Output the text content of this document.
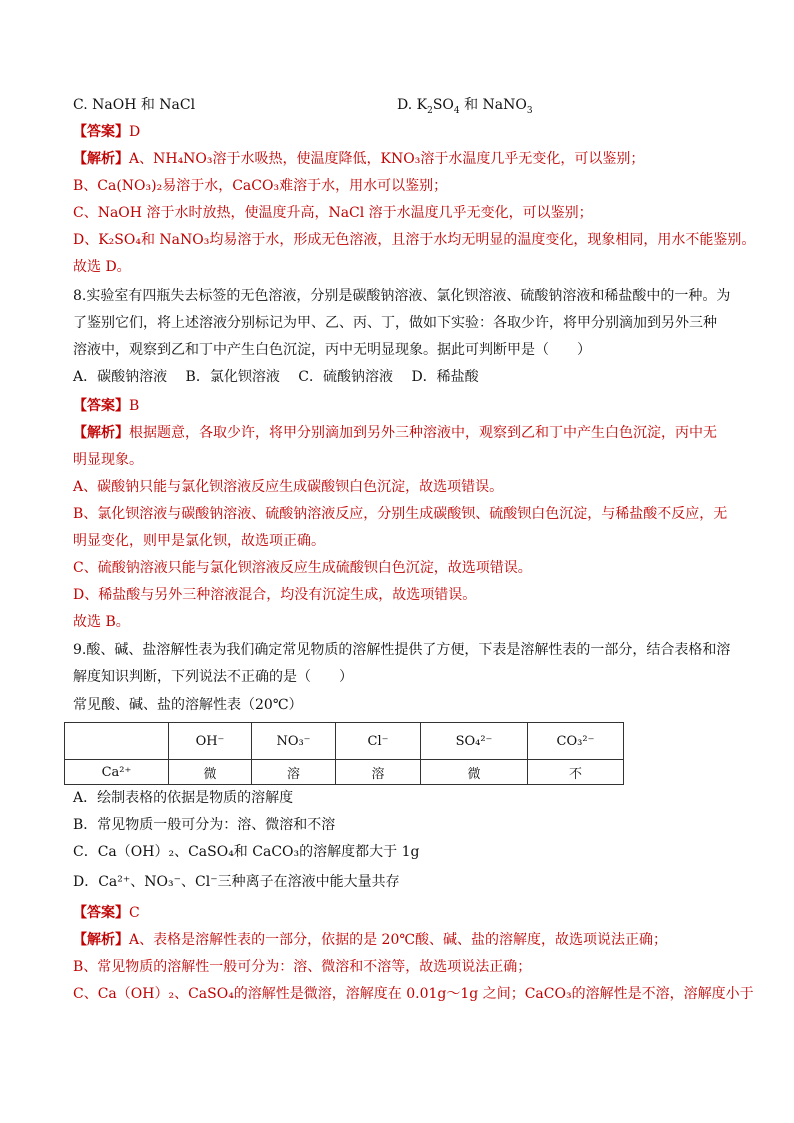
C. NaOH 和 NaCl	D. $K_2SO_4$ 和 NaNO$_3$
【答案】D
【解析】A、NH₄NO₃溶于水吸热，使温度降低，KNO₃溶于水温度几乎无变化，可以鉴别；
B、Ca(NO₃)₂易溶于水，CaCO₃难溶于水，用水可以鉴别；
C、NaOH 溶于水时放热，使温度升高，NaCl 溶于水温度几乎无变化，可以鉴别；
D、K₂SO₄和 NaNO₃均易溶于水，形成无色溶液，且溶于水均无明显的温度变化，现象相同，用水不能鉴别。
故选 D。
8.实验室有四瓶失去标签的无色溶液，分别是碳酸钠溶液、氯化钡溶液、硫酸钠溶液和稀盐酸中的一种。为
了鉴别它们，将上述溶液分别标记为甲、乙、丙、丁，做如下实验：各取少许，将甲分别滴加到另外三种
溶液中，观察到乙和丁中产生白色沉淀，丙中无明显现象。据此可判断甲是（　　）
A．碳酸钠溶液　 B．氯化钡溶液　 C．硫酸钠溶液　 D．稀盐酸
【答案】B
【解析】根据题意，各取少许，将甲分别滴加到另外三种溶液中，观察到乙和丁中产生白色沉淀，丙中无
明显现象。
A、碳酸钠只能与氯化钡溶液反应生成碳酸钡白色沉淀，故选项错误。
B、氯化钡溶液与碳酸钠溶液、硫酸钠溶液反应，分别生成碳酸钡、硫酸钡白色沉淀，与稀盐酸不反应，无
明显变化，则甲是氯化钡，故选项正确。
C、硫酸钠溶液只能与氯化钡溶液反应生成硫酸钡白色沉淀，故选项错误。
D、稀盐酸与另外三种溶液混合，均没有沉淀生成，故选项错误。
故选 B。
9.酸、碱、盐溶解性表为我们确定常见物质的溶解性提供了方便，下表是溶解性表的一部分，结合表格和溶
解度知识判断，下列说法不正确的是（　　）
常见酸、碱、盐的溶解性表（20℃）
	OH⁻	NO₃⁻	Cl⁻	SO₄²⁻	CO₃²⁻
Ca²⁺	微	溶	溶	微	不
A．绘制表格的依据是物质的溶解度
B．常见物质一般可分为：溶、微溶和不溶
C．Ca（OH）₂、CaSO₄和 CaCO₃的溶解度都大于 1g
D．Ca²⁺、NO₃⁻、Cl⁻三种离子在溶液中能大量共存
【答案】C
【解析】A、表格是溶解性表的一部分，依据的是 20℃酸、碱、盐的溶解度，故选项说法正确；
B、常见物质的溶解性一般可分为：溶、微溶和不溶等，故选项说法正确；
C、Ca（OH）₂、CaSO₄的溶解性是微溶，溶解度在 0.01g～1g 之间；CaCO₃的溶解性是不溶，溶解度小于
